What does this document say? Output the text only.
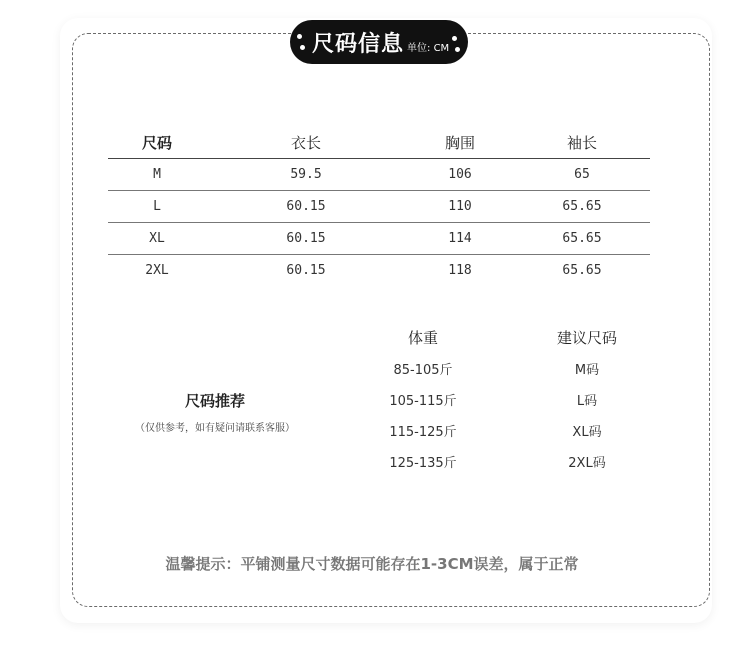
尺码信息 单位: CM
尺码	衣长	胸围	袖长
M	59.5	106	65
L	60.15	110	65.65
XL	60.15	114	65.65
2XL	60.15	118	65.65
尺码推荐
（仅供参考，如有疑问请联系客服）
体重	建议尺码
85-105斤	M码
105-115斤	L码
115-125斤	XL码
125-135斤	2XL码
温馨提示：平铺测量尺寸数据可能存在1-3CM误差，属于正常
